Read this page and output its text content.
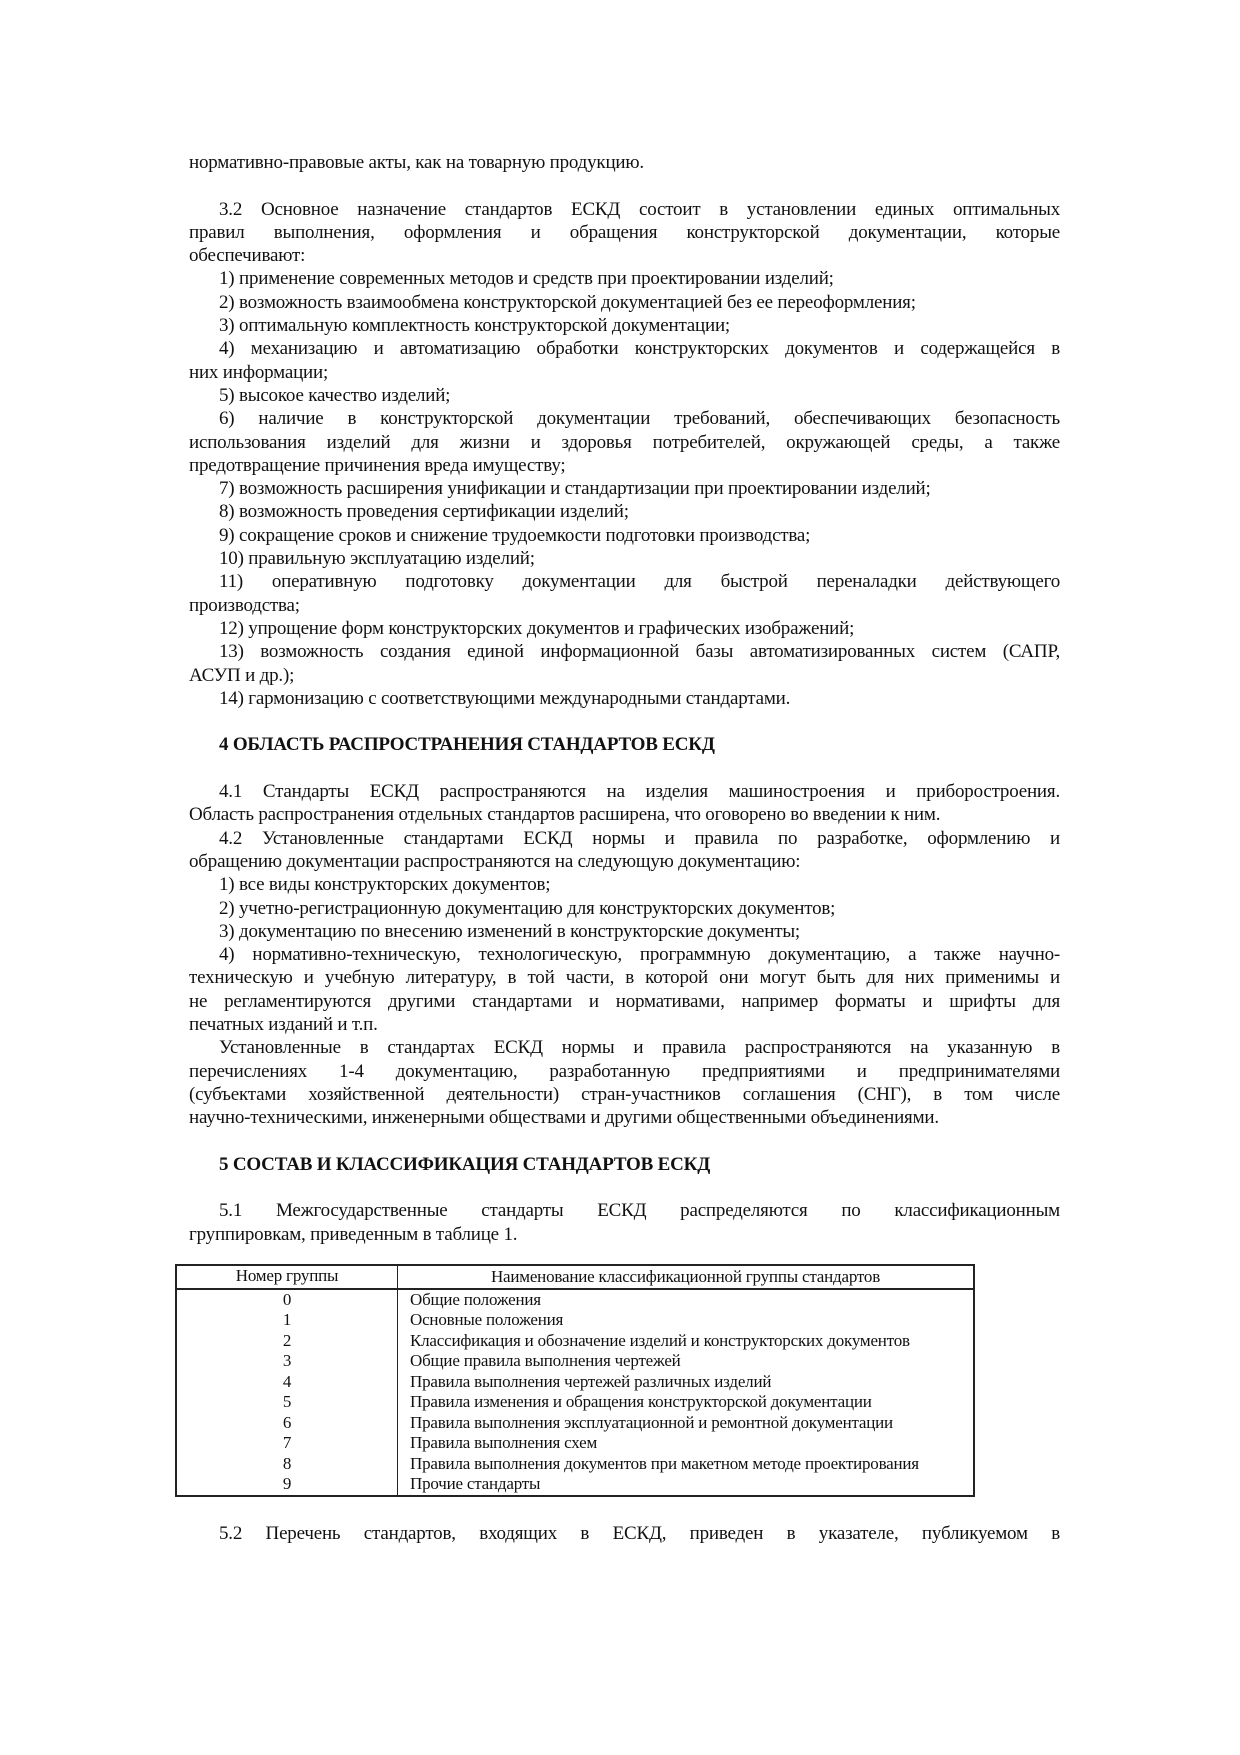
нормативно-правовые акты, как на товарную продукцию.
3.2 Основное назначение стандартов ЕСКД состоит в установлении единых оптимальных
правил выполнения, оформления и обращения конструкторской документации, которые
обеспечивают:
1) применение современных методов и средств при проектировании изделий;
2) возможность взаимообмена конструкторской документацией без ее переоформления;
3) оптимальную комплектность конструкторской документации;
4) механизацию и автоматизацию обработки конструкторских документов и содержащейся в
них информации;
5) высокое качество изделий;
6) наличие в конструкторской документации требований, обеспечивающих безопасность
использования изделий для жизни и здоровья потребителей, окружающей среды, а также
предотвращение причинения вреда имуществу;
7) возможность расширения унификации и стандартизации при проектировании изделий;
8) возможность проведения сертификации изделий;
9) сокращение сроков и снижение трудоемкости подготовки производства;
10) правильную эксплуатацию изделий;
11) оперативную подготовку документации для быстрой переналадки действующего
производства;
12) упрощение форм конструкторских документов и графических изображений;
13) возможность создания единой информационной базы автоматизированных систем (САПР,
АСУП и др.);
14) гармонизацию с соответствующими международными стандартами.
4 ОБЛАСТЬ РАСПРОСТРАНЕНИЯ СТАНДАРТОВ ЕСКД
4.1 Стандарты ЕСКД распространяются на изделия машиностроения и приборостроения.
Область распространения отдельных стандартов расширена, что оговорено во введении к ним.
4.2 Установленные стандартами ЕСКД нормы и правила по разработке, оформлению и
обращению документации распространяются на следующую документацию:
1) все виды конструкторских документов;
2) учетно-регистрационную документацию для конструкторских документов;
3) документацию по внесению изменений в конструкторские документы;
4) нормативно-техническую, технологическую, программную документацию, а также научно-
техническую и учебную литературу, в той части, в которой они могут быть для них применимы и
не регламентируются другими стандартами и нормативами, например форматы и шрифты для
печатных изданий и т.п.
Установленные в стандартах ЕСКД нормы и правила распространяются на указанную в
перечислениях 1-4 документацию, разработанную предприятиями и предпринимателями
(субъектами хозяйственной деятельности) стран-участников соглашения (СНГ), в том числе
научно-техническими, инженерными обществами и другими общественными объединениями.
5 СОСТАВ И КЛАССИФИКАЦИЯ СТАНДАРТОВ ЕСКД
5.1 Межгосударственные стандарты ЕСКД распределяются по классификационным
группировкам, приведенным в таблице 1.
Номер группы	Наименование классификационной группы стандартов
0	Общие положения
1	Основные положения
2	Классификация и обозначение изделий и конструкторских документов
3	Общие правила выполнения чертежей
4	Правила выполнения чертежей различных изделий
5	Правила изменения и обращения конструкторской документации
6	Правила выполнения эксплуатационной и ремонтной документации
7	Правила выполнения схем
8	Правила выполнения документов при макетном методе проектирования
9	Прочие стандарты
5.2 Перечень стандартов, входящих в ЕСКД, приведен в указателе, публикуемом в
